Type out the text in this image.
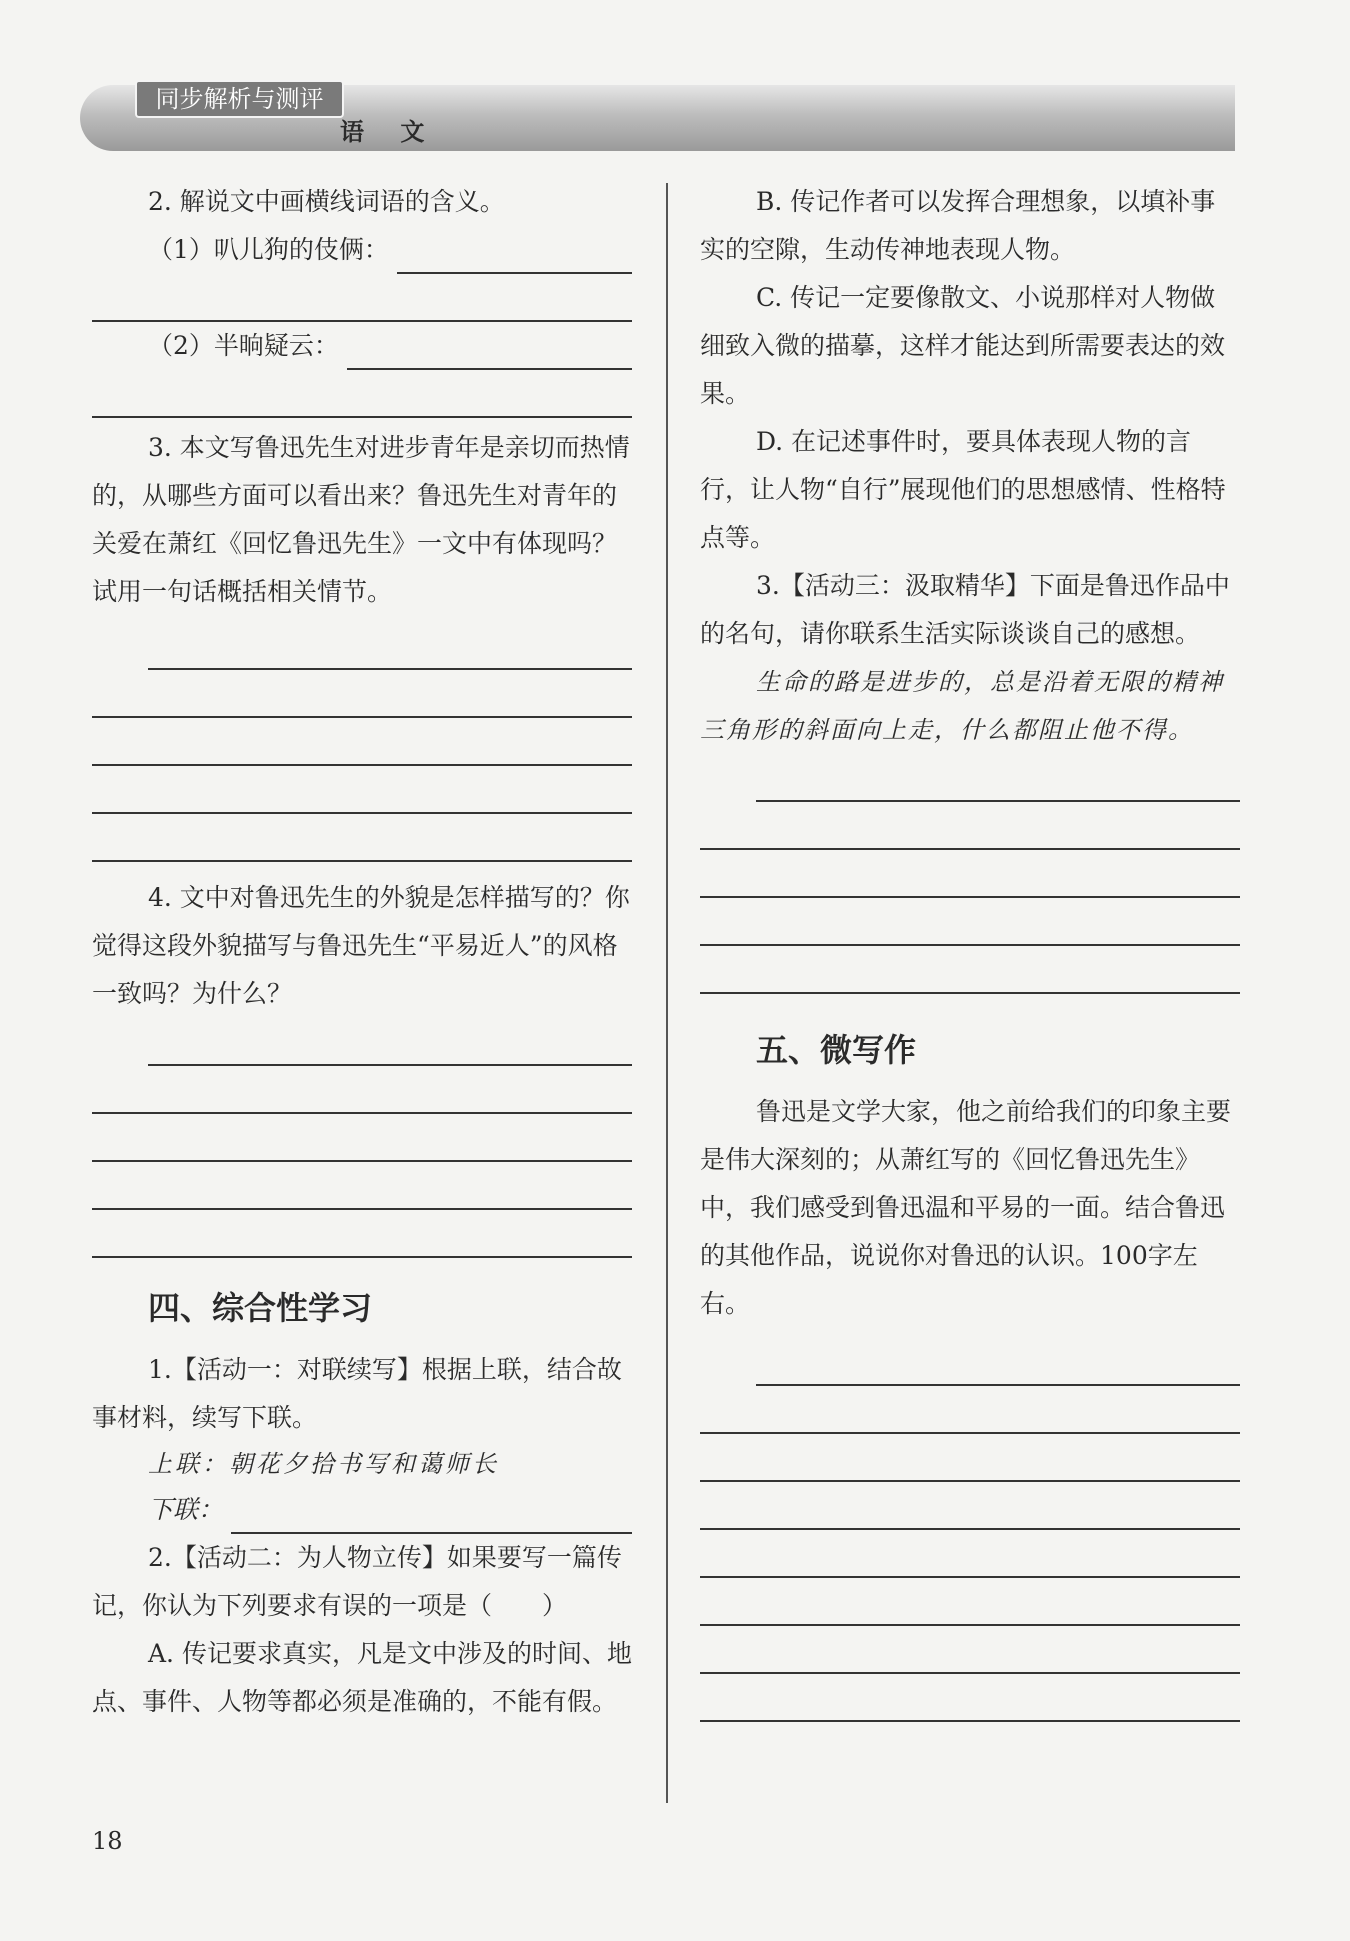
同步解析与测评
语 文

2. 解说文中画横线词语的含义。

（1）叭儿狗的伎俩：
（2）半晌疑云：

3. 本文写鲁迅先生对进步青年是亲切而热情的，从哪些方面可以看出来？鲁迅先生对青年的关爱在萧红《回忆鲁迅先生》一文中有体现吗？试用一句话概括相关情节。

4. 文中对鲁迅先生的外貌是怎样描写的？你觉得这段外貌描写与鲁迅先生“平易近人”的风格一致吗？为什么？

四、综合性学习

1.【活动一：对联续写】根据上联，结合故事材料，续写下联。

上联：朝花夕拾书写和蔼师长
下联：

2.【活动二：为人物立传】如果要写一篇传记，你认为下列要求有误的一项是（　　）

A. 传记要求真实，凡是文中涉及的时间、地点、事件、人物等都必须是准确的，不能有假。

B. 传记作者可以发挥合理想象，以填补事实的空隙，生动传神地表现人物。

C. 传记一定要像散文、小说那样对人物做细致入微的描摹，这样才能达到所需要表达的效果。

D. 在记述事件时，要具体表现人物的言行，让人物“自行”展现他们的思想感情、性格特点等。

3.【活动三：汲取精华】下面是鲁迅作品中的名句，请你联系生活实际谈谈自己的感想。

生命的路是进步的，总是沿着无限的精神三角形的斜面向上走，什么都阻止他不得。

五、微写作

鲁迅是文学大家，他之前给我们的印象主要是伟大深刻的；从萧红写的《回忆鲁迅先生》中，我们感受到鲁迅温和平易的一面。结合鲁迅的其他作品，说说你对鲁迅的认识。100字左右。

18
